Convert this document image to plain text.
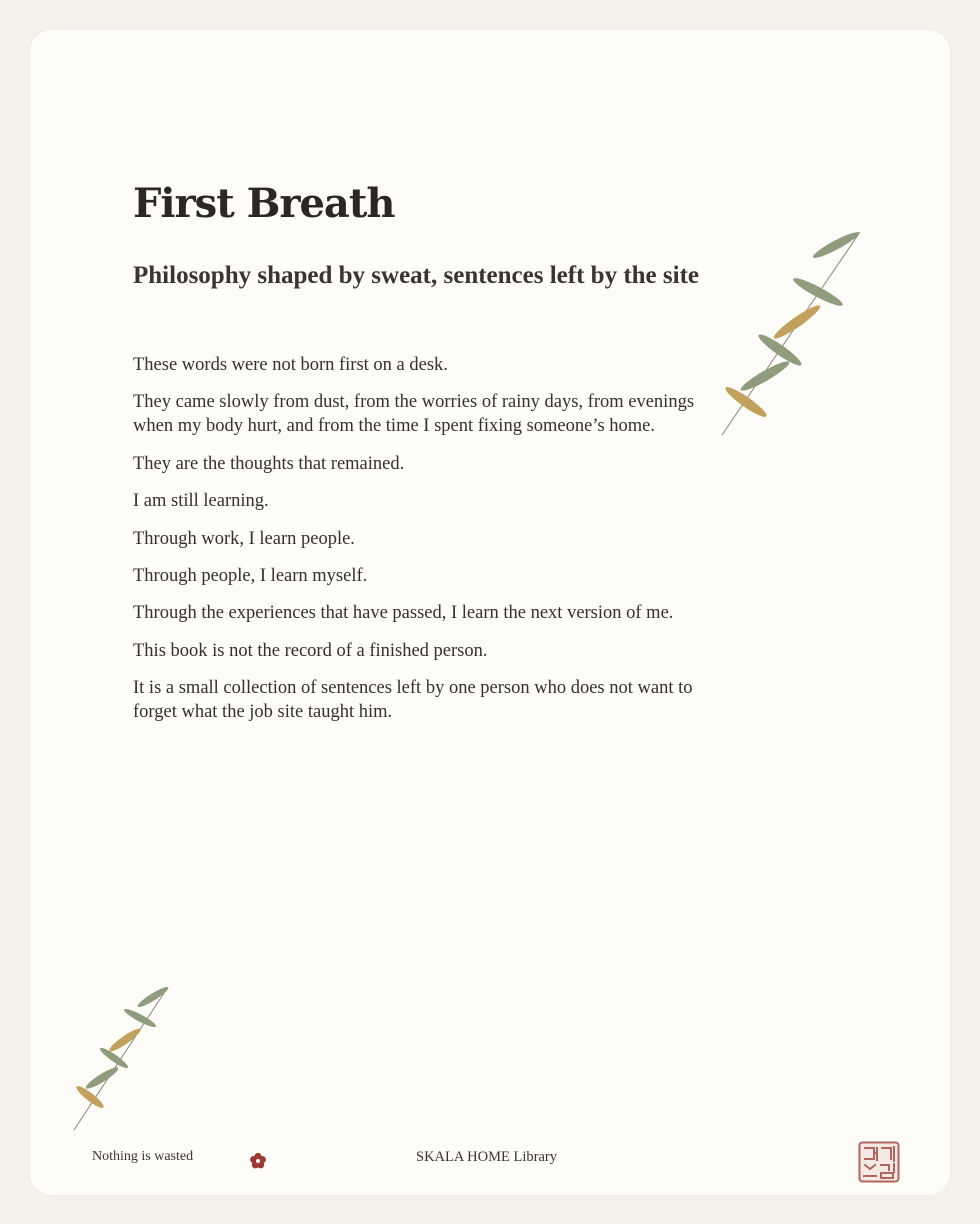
First Breath
Philosophy shaped by sweat, sentences left by the site

These words were not born first on a desk.

They came slowly from dust, from the worries of rainy days, from evenings when my body hurt, and from the time I spent fixing someone’s home.

They are the thoughts that remained.

I am still learning.

Through work, I learn people.

Through people, I learn myself.

Through the experiences that have passed, I learn the next version of me.

This book is not the record of a finished person.

It is a small collection of sentences left by one person who does not want to forget what the job site taught him.

Nothing is wasted	SKALA HOME Library
